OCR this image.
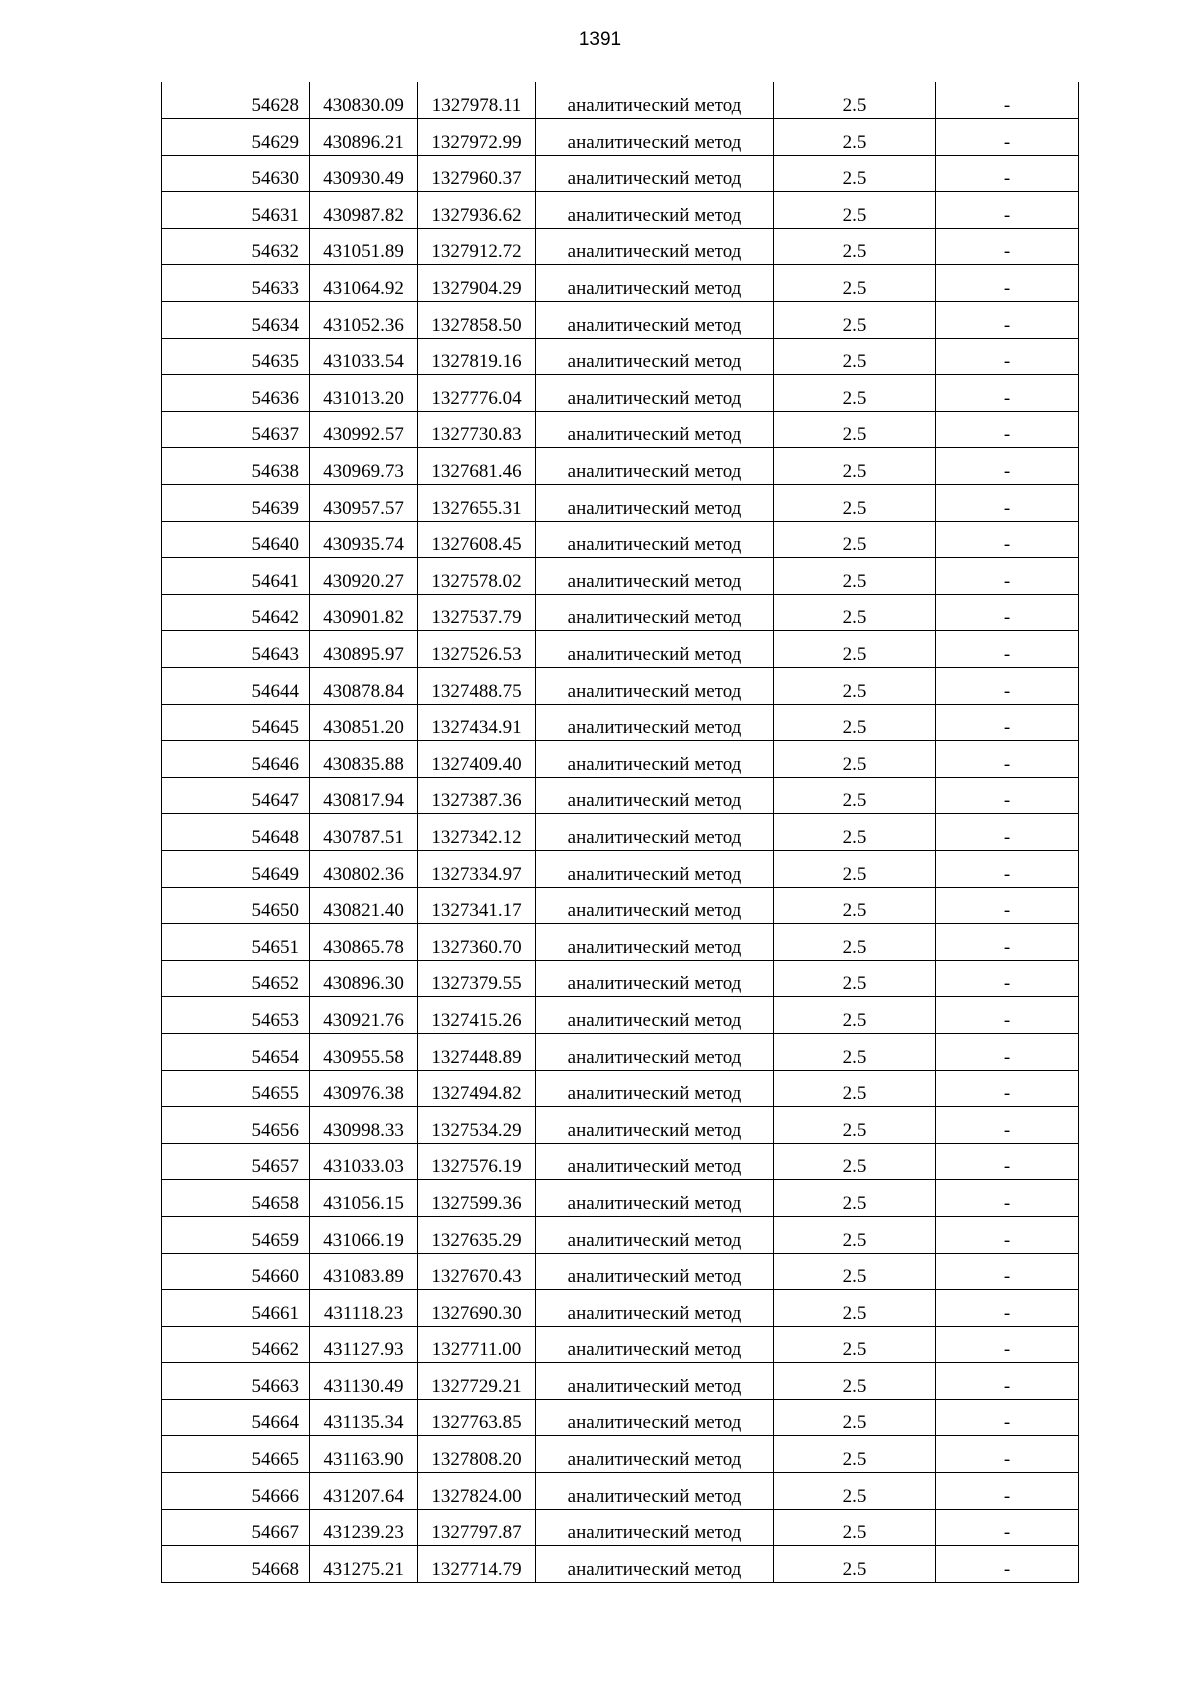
1391
54628	430830.09	1327978.11	аналитический метод	2.5	-
54629	430896.21	1327972.99	аналитический метод	2.5	-
54630	430930.49	1327960.37	аналитический метод	2.5	-
54631	430987.82	1327936.62	аналитический метод	2.5	-
54632	431051.89	1327912.72	аналитический метод	2.5	-
54633	431064.92	1327904.29	аналитический метод	2.5	-
54634	431052.36	1327858.50	аналитический метод	2.5	-
54635	431033.54	1327819.16	аналитический метод	2.5	-
54636	431013.20	1327776.04	аналитический метод	2.5	-
54637	430992.57	1327730.83	аналитический метод	2.5	-
54638	430969.73	1327681.46	аналитический метод	2.5	-
54639	430957.57	1327655.31	аналитический метод	2.5	-
54640	430935.74	1327608.45	аналитический метод	2.5	-
54641	430920.27	1327578.02	аналитический метод	2.5	-
54642	430901.82	1327537.79	аналитический метод	2.5	-
54643	430895.97	1327526.53	аналитический метод	2.5	-
54644	430878.84	1327488.75	аналитический метод	2.5	-
54645	430851.20	1327434.91	аналитический метод	2.5	-
54646	430835.88	1327409.40	аналитический метод	2.5	-
54647	430817.94	1327387.36	аналитический метод	2.5	-
54648	430787.51	1327342.12	аналитический метод	2.5	-
54649	430802.36	1327334.97	аналитический метод	2.5	-
54650	430821.40	1327341.17	аналитический метод	2.5	-
54651	430865.78	1327360.70	аналитический метод	2.5	-
54652	430896.30	1327379.55	аналитический метод	2.5	-
54653	430921.76	1327415.26	аналитический метод	2.5	-
54654	430955.58	1327448.89	аналитический метод	2.5	-
54655	430976.38	1327494.82	аналитический метод	2.5	-
54656	430998.33	1327534.29	аналитический метод	2.5	-
54657	431033.03	1327576.19	аналитический метод	2.5	-
54658	431056.15	1327599.36	аналитический метод	2.5	-
54659	431066.19	1327635.29	аналитический метод	2.5	-
54660	431083.89	1327670.43	аналитический метод	2.5	-
54661	431118.23	1327690.30	аналитический метод	2.5	-
54662	431127.93	1327711.00	аналитический метод	2.5	-
54663	431130.49	1327729.21	аналитический метод	2.5	-
54664	431135.34	1327763.85	аналитический метод	2.5	-
54665	431163.90	1327808.20	аналитический метод	2.5	-
54666	431207.64	1327824.00	аналитический метод	2.5	-
54667	431239.23	1327797.87	аналитический метод	2.5	-
54668	431275.21	1327714.79	аналитический метод	2.5	-
